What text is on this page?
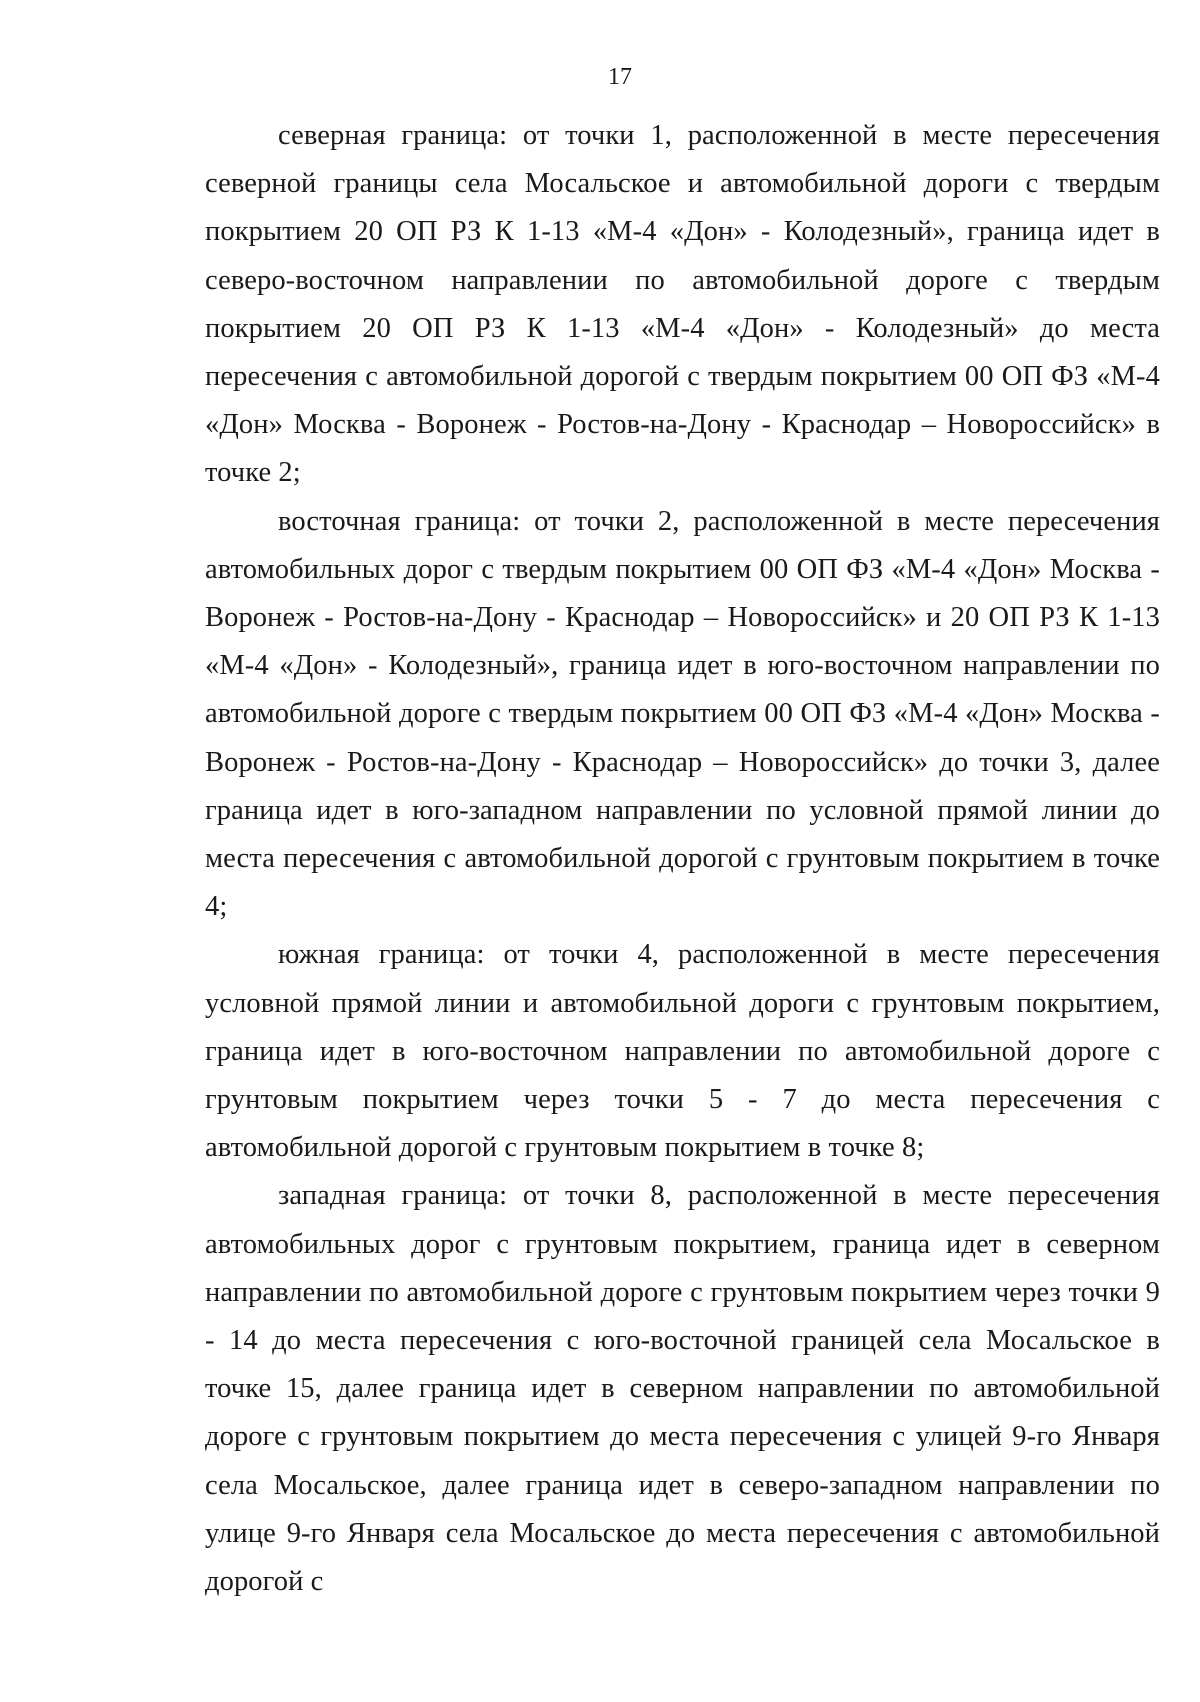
17

северная граница: от точки 1, расположенной в месте пересечения северной границы села Мосальское и автомобильной дороги с твердым покрытием 20 ОП РЗ К 1-13 «М-4 «Дон» - Колодезный», граница идет в северо-восточном направлении по автомобильной дороге с твердым покрытием 20 ОП РЗ К 1-13 «М-4 «Дон» - Колодезный» до места пересечения с автомобильной дорогой с твердым покрытием 00 ОП ФЗ «М-4 «Дон» Москва - Воронеж - Ростов-на-Дону - Краснодар – Новороссийск» в точке 2;

восточная граница: от точки 2, расположенной в месте пересечения автомобильных дорог с твердым покрытием 00 ОП ФЗ «М-4 «Дон» Москва - Воронеж - Ростов-на-Дону - Краснодар – Новороссийск» и 20 ОП РЗ К 1-13 «М-4 «Дон» - Колодезный», граница идет в юго-восточном направлении по автомобильной дороге с твердым покрытием 00 ОП ФЗ «М-4 «Дон» Москва - Воронеж - Ростов-на-Дону - Краснодар – Новороссийск» до точки 3, далее граница идет в юго-западном направлении по условной прямой линии до места пересечения с автомобильной дорогой с грунтовым покрытием в точке 4;

южная граница: от точки 4, расположенной в месте пересечения условной прямой линии и автомобильной дороги с грунтовым покрытием, граница идет в юго-восточном направлении по автомобильной дороге с грунтовым покрытием через точки 5 - 7 до места пересечения с автомобильной дорогой с грунтовым покрытием в точке 8;

западная граница: от точки 8, расположенной в месте пересечения автомобильных дорог с грунтовым покрытием, граница идет в северном направлении по автомобильной дороге с грунтовым покрытием через точки 9 - 14 до места пересечения с юго-восточной границей села Мосальское в точке 15, далее граница идет в северном направлении по автомобильной дороге с грунтовым покрытием до места пересечения с улицей 9-го Января села Мосальское, далее граница идет в северо-западном направлении по улице 9-го Января села Мосальское до места пересечения с автомобильной дорогой с
